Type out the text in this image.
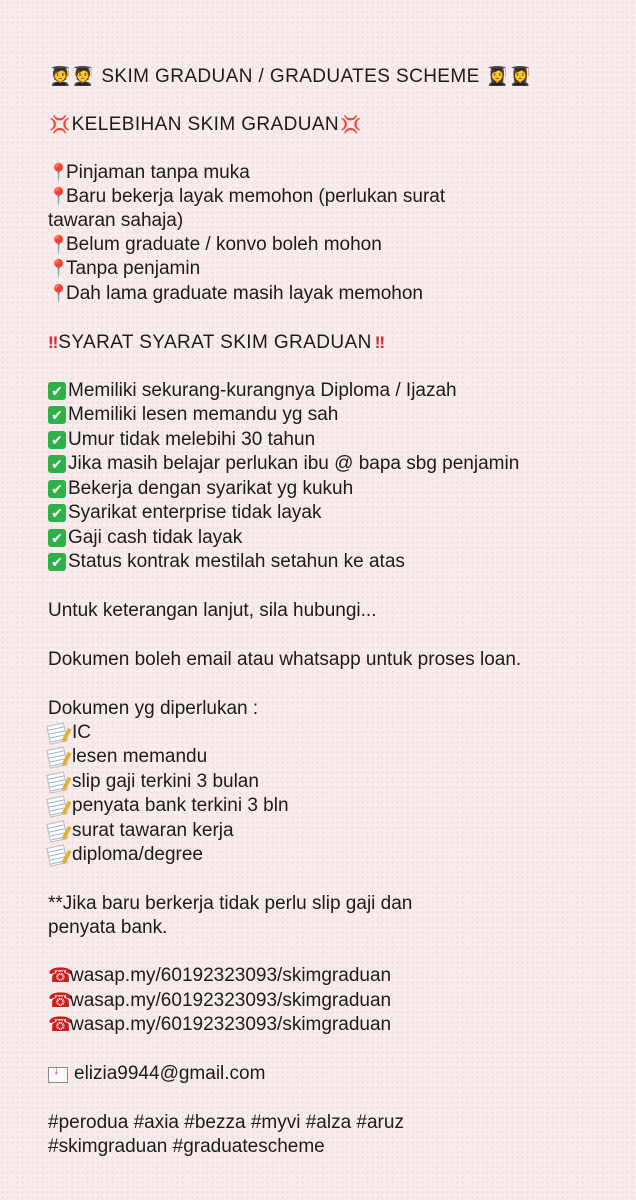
🧑‍🎓🧑‍🎓 SKIM GRADUAN / GRADUATES SCHEME 👩‍🎓👩‍🎓
💢KELEBIHAN SKIM GRADUAN💢
📍Pinjaman tanpa muka
📍Baru bekerja layak memohon (perlukan surat tawaran sahaja)
📍Belum graduate / konvo boleh mohon
📍Tanpa penjamin
📍Dah lama graduate masih layak memohon
‼ SYARAT SYARAT SKIM GRADUAN ‼
✔ Memiliki sekurang-kurangnya Diploma / Ijazah
✔ Memiliki lesen memandu yg sah
✔ Umur tidak melebihi 30 tahun
✔ Jika masih belajar perlukan ibu @ bapa sbg penjamin
✔ Bekerja dengan syarikat yg kukuh
✔ Syarikat enterprise tidak layak
✔ Gaji cash tidak layak
✔ Status kontrak mestilah setahun ke atas
Untuk keterangan lanjut, sila hubungi...
Dokumen boleh email atau whatsapp untuk proses loan.
Dokumen yg diperlukan :
IC
lesen memandu
slip gaji terkini 3 bulan
penyata bank terkini 3 bln
surat tawaran kerja
diploma/degree
**Jika baru berkerja tidak perlu slip gaji dan penyata bank.
☎wasap.my/60192323093/skimgraduan
☎wasap.my/60192323093/skimgraduan
☎wasap.my/60192323093/skimgraduan
↓elizia9944@gmail.com
#perodua #axia #bezza #myvi #alza #aruz
#skimgraduan #graduatescheme
